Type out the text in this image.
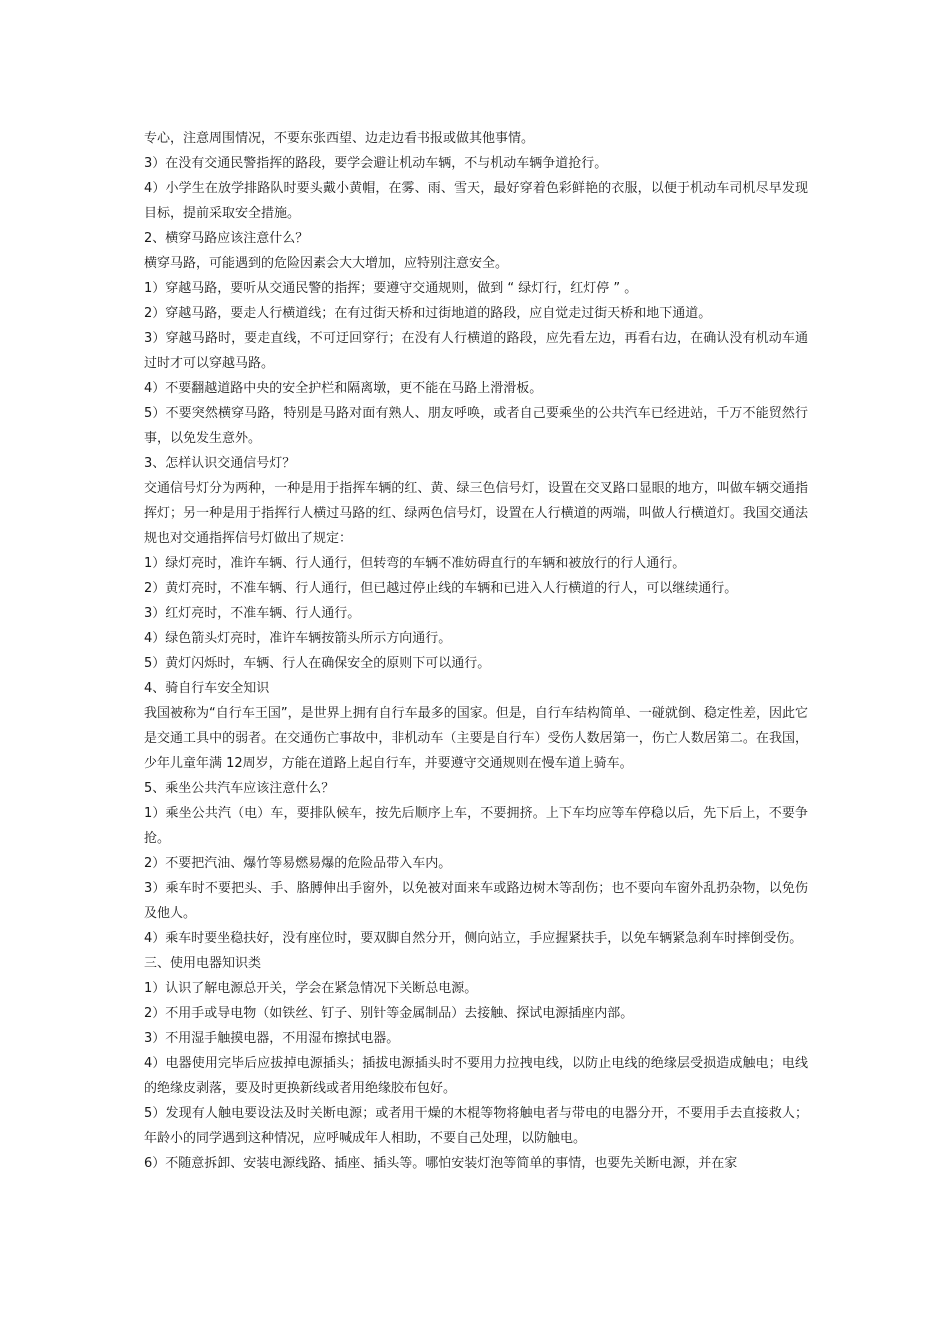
专心，注意周围情况，不要东张西望、边走边看书报或做其他事情。

3）在没有交通民警指挥的路段，要学会避让机动车辆，不与机动车辆争道抢行。

4）小学生在放学排路队时要头戴小黄帽，在雾、雨、雪天，最好穿着色彩鲜艳的衣服，以便于机动车司机尽早发现目标，提前采取安全措施。

2、横穿马路应该注意什么？

横穿马路，可能遇到的危险因素会大大增加，应特别注意安全。

1）穿越马路，要听从交通民警的指挥；要遵守交通规则，做到 “ 绿灯行，红灯停 ” 。

2）穿越马路，要走人行横道线；在有过街天桥和过街地道的路段，应自觉走过街天桥和地下通道。

3）穿越马路时，要走直线，不可迂回穿行；在没有人行横道的路段，应先看左边，再看右边，在确认没有机动车通过时才可以穿越马路。

4）不要翻越道路中央的安全护栏和隔离墩，更不能在马路上滑滑板。

5）不要突然横穿马路，特别是马路对面有熟人、朋友呼唤，或者自己要乘坐的公共汽车已经进站，千万不能贸然行事，以免发生意外。

3、怎样认识交通信号灯？

交通信号灯分为两种，一种是用于指挥车辆的红、黄、绿三色信号灯，设置在交叉路口显眼的地方，叫做车辆交通指挥灯；另一种是用于指挥行人横过马路的红、绿两色信号灯，设置在人行横道的两端，叫做人行横道灯。我国交通法规也对交通指挥信号灯做出了规定：

1）绿灯亮时，准许车辆、行人通行，但转弯的车辆不准妨碍直行的车辆和被放行的行人通行。

2）黄灯亮时，不准车辆、行人通行，但已越过停止线的车辆和已进入人行横道的行人，可以继续通行。

3）红灯亮时，不准车辆、行人通行。

4）绿色箭头灯亮时，准许车辆按箭头所示方向通行。

5）黄灯闪烁时，车辆、行人在确保安全的原则下可以通行。

4、骑自行车安全知识

我国被称为“自行车王国”，是世界上拥有自行车最多的国家。但是，自行车结构简单、一碰就倒、稳定性差，因此它是交通工具中的弱者。在交通伤亡事故中，非机动车（主要是自行车）受伤人数居第一，伤亡人数居第二。在我国，少年儿童年满 12周岁，方能在道路上起自行车，并要遵守交通规则在慢车道上骑车。

5、乘坐公共汽车应该注意什么？

1）乘坐公共汽（电）车，要排队候车，按先后顺序上车，不要拥挤。上下车均应等车停稳以后，先下后上，不要争抢。

2）不要把汽油、爆竹等易燃易爆的危险品带入车内。

3）乘车时不要把头、手、胳膊伸出手窗外，以免被对面来车或路边树木等刮伤；也不要向车窗外乱扔杂物，以免伤及他人。

4）乘车时要坐稳扶好，没有座位时，要双脚自然分开，侧向站立，手应握紧扶手，以免车辆紧急刹车时摔倒受伤。

三、使用电器知识类

1）认识了解电源总开关，学会在紧急情况下关断总电源。

2）不用手或导电物（如铁丝、钉子、别针等金属制品）去接触、探试电源插座内部。

3）不用湿手触摸电器，不用湿布擦拭电器。

4）电器使用完毕后应拔掉电源插头；插拔电源插头时不要用力拉拽电线，以防止电线的绝缘层受损造成触电；电线的绝缘皮剥落，要及时更换新线或者用绝缘胶布包好。

5）发现有人触电要设法及时关断电源；或者用干燥的木棍等物将触电者与带电的电器分开，不要用手去直接救人；年龄小的同学遇到这种情况，应呼喊成年人相助，不要自己处理，以防触电。

6）不随意拆卸、安装电源线路、插座、插头等。哪怕安装灯泡等简单的事情，也要先关断电源，并在家
